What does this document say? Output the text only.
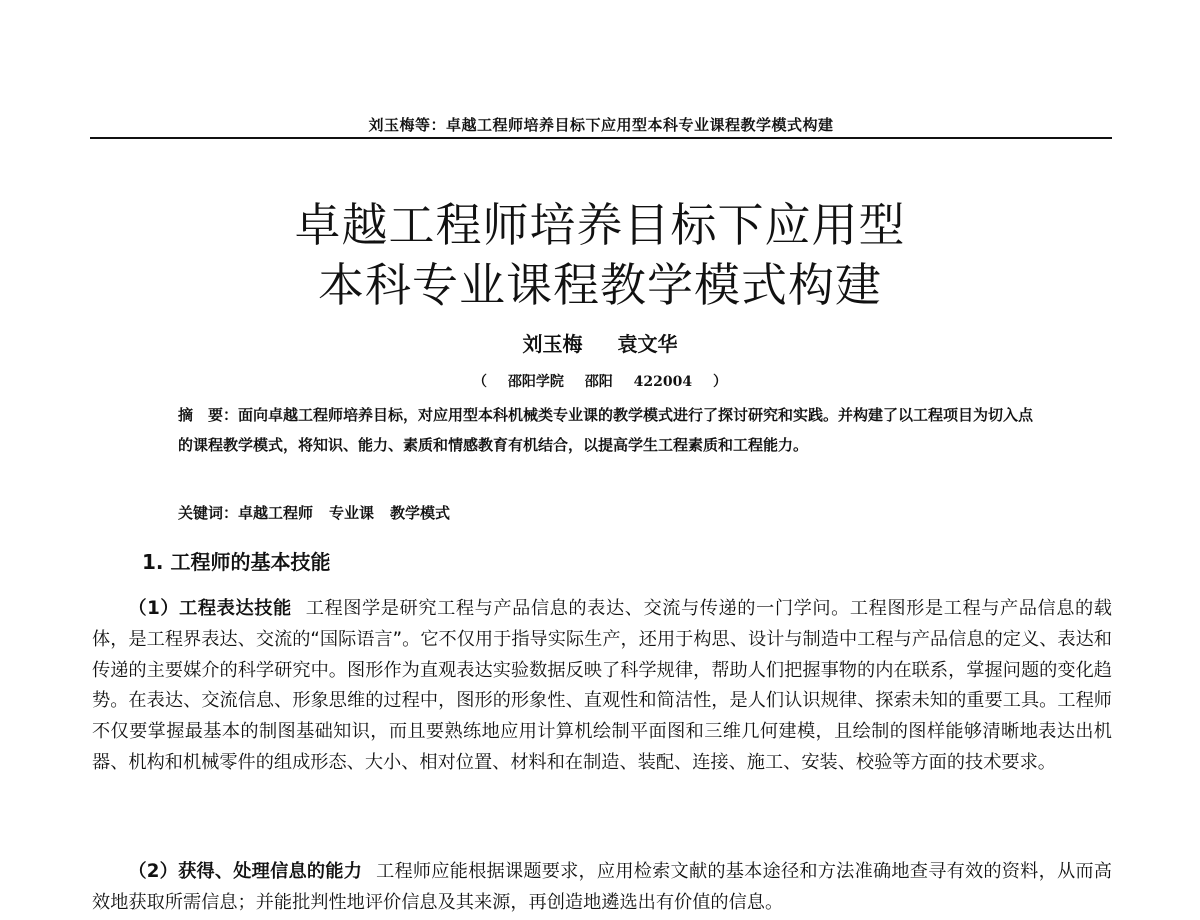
刘玉梅等：卓越工程师培养目标下应用型本科专业课程教学模式构建
卓越工程师培养目标下应用型
本科专业课程教学模式构建
刘玉梅 袁文华
（ 邵阳学院 邵阳 422004 ）

摘　要：面向卓越工程师培养目标，对应用型本科机械类专业课的教学模式进行了探讨研究和实践。并构建了以工程项目为切入点的课程教学模式，将知识、能力、素质和情感教育有机结合，以提高学生工程素质和工程能力。

关键词：卓越工程师 专业课 教学模式
1. 工程师的基本技能

（1）工程表达技能 工程图学是研究工程与产品信息的表达、交流与传递的一门学问。工程图形是工程与产品信息的载体，是工程界表达、交流的“国际语言”。它不仅用于指导实际生产，还用于构思、设计与制造中工程与产品信息的定义、表达和传递的主要媒介的科学研究中。图形作为直观表达实验数据反映了科学规律，帮助人们把握事物的内在联系，掌握问题的变化趋势。在表达、交流信息、形象思维的过程中，图形的形象性、直观性和简洁性，是人们认识规律、探索未知的重要工具。工程师不仅要掌握最基本的制图基础知识，而且要熟练地应用计算机绘制平面图和三维几何建模，且绘制的图样能够清晰地表达出机器、机构和机械零件的组成形态、大小、相对位置、材料和在制造、装配、连接、施工、安装、校验等方面的技术要求。

（2）获得、处理信息的能力 工程师应能根据课题要求，应用检索文献的基本途径和方法准确地查寻有效的资料，从而高效地获取所需信息；并能批判性地评价信息及其来源，再创造地遴选出有价值的信息。
